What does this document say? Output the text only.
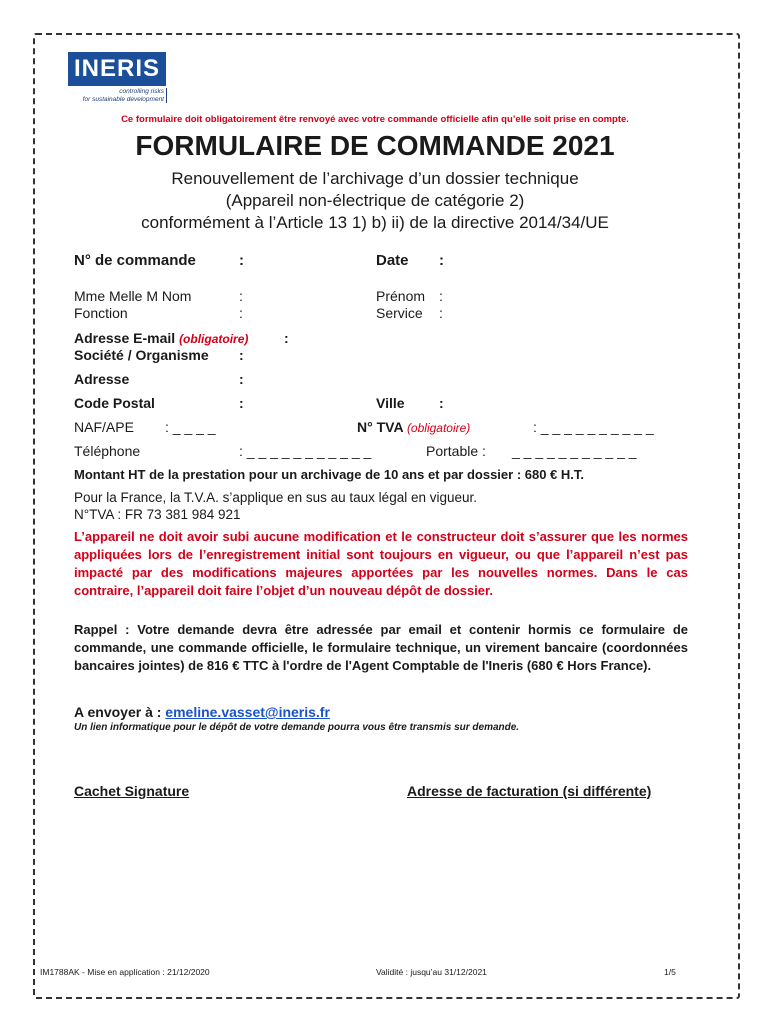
INERIS
controlling risks
for sustainable development
Ce formulaire doit obligatoirement être renvoyé avec votre commande officielle afin qu’elle soit prise en compte.
FORMULAIRE DE COMMANDE 2021
Renouvellement de l’archivage d’un dossier technique
(Appareil non-électrique de catégorie 2)
conformément à l’Article 13 1) b) ii) de la directive 2014/34/UE
N° de commande	:	Date :
Mme Melle M Nom	:	Prénom :
Fonction	:	Service :
Adresse E-mail (obligatoire)	:
Société / Organisme :
Adresse	:
Code Postal	:	Ville :
NAF/APE : _ _ _ _	N° TVA (obligatoire)	: _ _ _ _ _ _ _ _ _ _
Téléphone	: _ _ _ _ _ _ _ _ _ _ _	Portable : _ _ _ _ _ _ _ _ _ _ _
Montant HT de la prestation pour un archivage de 10 ans et par dossier : 680 € H.T.
Pour la France, la T.V.A. s’applique en sus au taux légal en vigueur.
N°TVA : FR 73 381 984 921
L’appareil ne doit avoir subi aucune modification et le constructeur doit s’assurer que les normes appliquées lors de l’enregistrement initial sont toujours en vigueur, ou que l’appareil n’est pas impacté par des modifications majeures apportées par les nouvelles normes. Dans le cas contraire, l’appareil doit faire l’objet d’un nouveau dépôt de dossier.
Rappel : Votre demande devra être adressée par email et contenir hormis ce formulaire de commande, une commande officielle, le formulaire technique, un virement bancaire (coordonnées bancaires jointes) de 816 € TTC à l'ordre de l'Agent Comptable de l'Ineris (680 € Hors France).
A envoyer à : emeline.vasset@ineris.fr
Un lien informatique pour le dépôt de votre demande pourra vous être transmis sur demande.
Cachet Signature	Adresse de facturation (si différente)
IM1788AK - Mise en application : 21/12/2020	Validité : jusqu’au 31/12/2021	1/5
